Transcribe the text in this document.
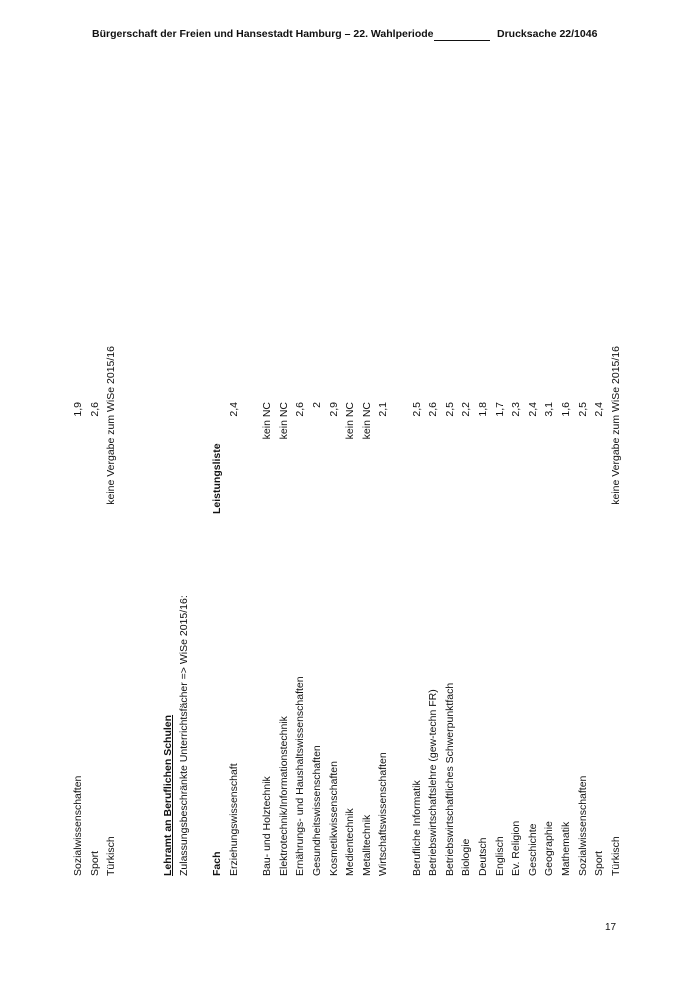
Bürgerschaft der Freien und Hansestadt Hamburg – 22. Wahlperiode	Drucksache 22/1046
Sozialwissenschaften
1,9
Sport
2,6
Türkisch
keine Vergabe zum WiSe 2015/16
Lehramt an Beruflichen Schulen Zulassungsbeschränkte Unterrichtsfächer => WiSe 2015/16: Fach
Leistungsliste
Erziehungswissenschaft
2,4
Bau- und Holztechnik
kein NC
Elektrotechnik/Informationstechnik
kein NC
Ernährungs- und Haushaltswissenschaften
2,6
Gesundheitswissenschaften
2
Kosmetikwissenschaften
2,9
Medientechnik
kein NC
Metalltechnik
kein NC
Wirtschaftswissenschaften
2,1
Berufliche Informatik
2,5
Betriebswirtschaftslehre (gew-techn FR)
2,6
Betriebswirtschaftliches Schwerpunktfach
2,5
Biologie
2,2
Deutsch
1,8
Englisch
1,7
Ev. Religion
2,3
Geschichte
2,4
Geographie
3,1
Mathematik
1,6
Sozialwissenschaften
2,5
Sport
2,4
Türkisch
keine Vergabe zum WiSe 2015/16
17
